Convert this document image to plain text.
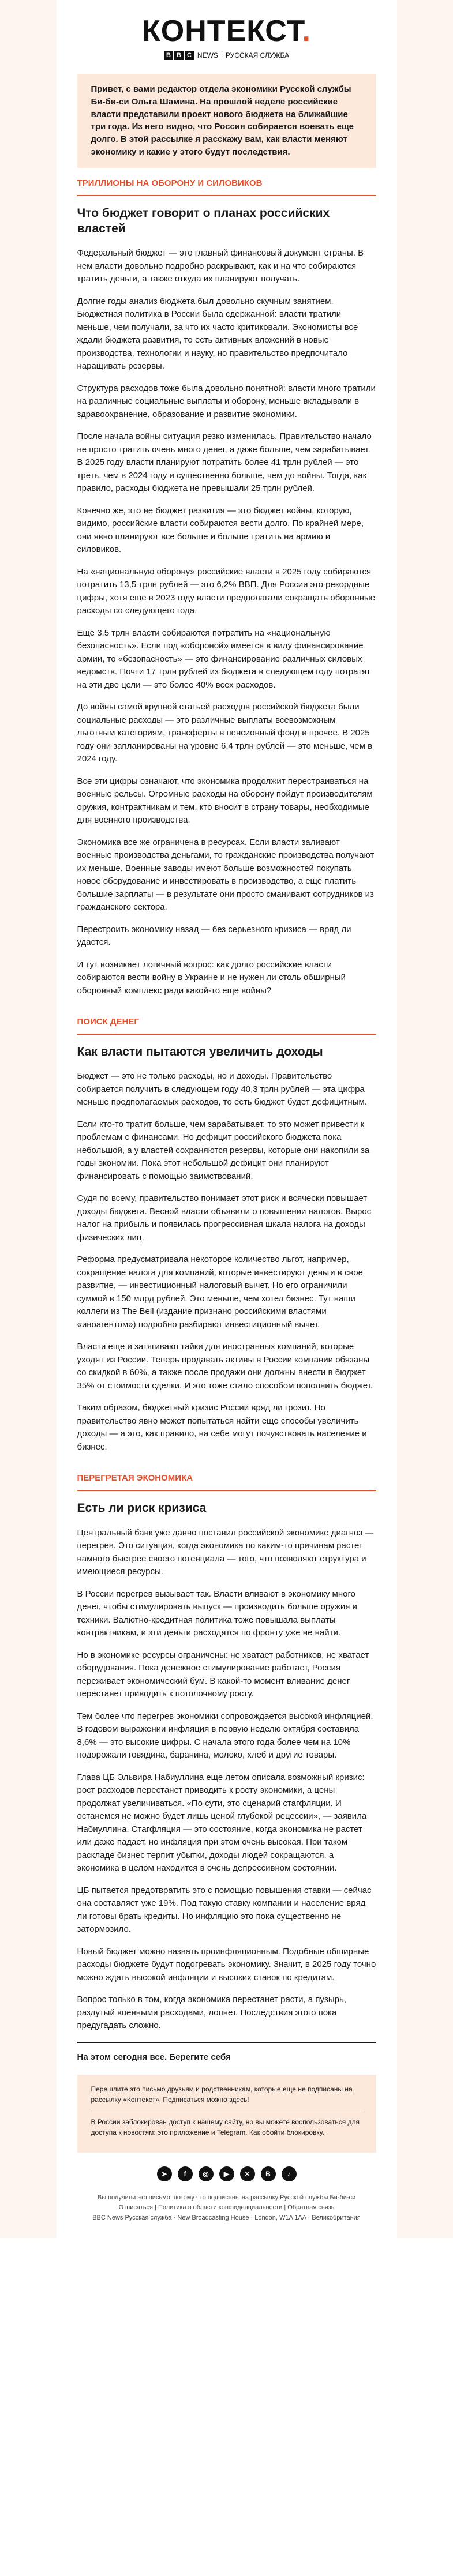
КОНТЕКСТ.
B B C NEWS РУССКАЯ СЛУЖБА
Привет, с вами редактор отдела экономики Русской службы Би-би-си Ольга Шамина. На прошлой неделе российские власти представили проект нового бюджета на ближайшие три года. Из него видно, что Россия собирается воевать еще долго. В этой рассылке я расскажу вам, как власти меняют экономику и какие у этого будут последствия.
ТРИЛЛИОНЫ НА ОБОРОНУ И СИЛОВИКОВ
Что бюджет говорит о планах российских властей

Федеральный бюджет — это главный финансовый документ страны. В нем власти довольно подробно раскрывают, как и на что собираются тратить деньги, а также откуда их планируют получать.

Долгие годы анализ бюджета был довольно скучным занятием. Бюджетная политика в России была сдержанной: власти тратили меньше, чем получали, за что их часто критиковали. Экономисты все ждали бюджета развития, то есть активных вложений в новые производства, технологии и науку, но правительство предпочитало наращивать резервы.

Структура расходов тоже была довольно понятной: власти много тратили на различные социальные выплаты и оборону, меньше вкладывали в здравоохранение, образование и развитие экономики.

После начала войны ситуация резко изменилась. Правительство начало не просто тратить очень много денег, а даже больше, чем зарабатывает. В 2025 году власти планируют потратить более 41 трлн рублей — это треть, чем в 2024 году и существенно больше, чем до войны. Тогда, как правило, расходы бюджета не превышали 25 трлн рублей.

Конечно же, это не бюджет развития — это бюджет войны, которую, видимо, российские власти собираются вести долго. По крайней мере, они явно планируют все больше и больше тратить на армию и силовиков.

На «национальную оборону» российские власти в 2025 году собираются потратить 13,5 трлн рублей — это 6,2% ВВП. Для России это рекордные цифры, хотя еще в 2023 году власти предполагали сокращать оборонные расходы со следующего года.

Еще 3,5 трлн власти собираются потратить на «национальную безопасность». Если под «обороной» имеется в виду финансирование армии, то «безопасность» — это финансирование различных силовых ведомств. Почти 17 трлн рублей из бюджета в следующем году потратят на эти две цели — это более 40% всех расходов.

До войны самой крупной статьей расходов российской бюджета были социальные расходы — это различные выплаты всевозможным льготным категориям, трансферты в пенсионный фонд и прочее. В 2025 году они запланированы на уровне 6,4 трлн рублей — это меньше, чем в 2024 году.

Все эти цифры означают, что экономика продолжит перестраиваться на военные рельсы. Огромные расходы на оборону пойдут производителям оружия, контрактникам и тем, кто вносит в страну товары, необходимые для военного производства.

Экономика все же ограничена в ресурсах. Если власти заливают военные производства деньгами, то гражданские производства получают их меньше. Военные заводы имеют больше возможностей покупать новое оборудование и инвестировать в производство, а еще платить большие зарплаты — в результате они просто сманивают сотрудников из гражданского сектора.

Перестроить экономику назад — без серьезного кризиса — вряд ли удастся.

И тут возникает логичный вопрос: как долго российские власти собираются вести войну в Украине и не нужен ли столь обширный оборонный комплекс ради какой-то еще войны?

ПОИСК ДЕНЕГ
Как власти пытаются увеличить доходы

Бюджет — это не только расходы, но и доходы. Правительство собирается получить в следующем году 40,3 трлн рублей — эта цифра меньше предполагаемых расходов, то есть бюджет будет дефицитным.

Если кто-то тратит больше, чем зарабатывает, то это может привести к проблемам с финансами. Но дефицит российского бюджета пока небольшой, а у властей сохраняются резервы, которые они накопили за годы экономии. Пока этот небольшой дефицит они планируют финансировать с помощью заимствований.

Судя по всему, правительство понимает этот риск и всячески повышает доходы бюджета. Весной власти объявили о повышении налогов. Вырос налог на прибыль и появилась прогрессивная шкала налога на доходы физических лиц.

Реформа предусматривала некоторое количество льгот, например, сокращение налога для компаний, которые инвестируют деньги в свое развитие, — инвестиционный налоговый вычет. Но его ограничили суммой в 150 млрд рублей. Это меньше, чем хотел бизнес. Тут наши коллеги из The Bell (издание признано российскими властями «иноагентом») подробно разбирают инвестиционный вычет.

Власти еще и затягивают гайки для иностранных компаний, которые уходят из России. Теперь продавать активы в России компании обязаны со скидкой в 60%, а также после продажи они должны внести в бюджет 35% от стоимости сделки. И это тоже стало способом пополнить бюджет.

Таким образом, бюджетный кризис России вряд ли грозит. Но правительство явно может попытаться найти еще способы увеличить доходы — а это, как правило, на себе могут почувствовать население и бизнес.

ПЕРЕГРЕТАЯ ЭКОНОМИКА
Есть ли риск кризиса

Центральный банк уже давно поставил российской экономике диагноз — перегрев. Это ситуация, когда экономика по каким-то причинам растет намного быстрее своего потенциала — того, что позволяют структура и имеющиеся ресурсы.

В России перегрев вызывает так. Власти вливают в экономику много денег, чтобы стимулировать выпуск — производить больше оружия и техники. Валютно-кредитная политика тоже повышала выплаты контрактникам, и эти деньги расходятся по фронту уже не найти.

Но в экономике ресурсы ограничены: не хватает работников, не хватает оборудования. Пока денежное стимулирование работает, Россия переживает экономический бум. В какой-то момент вливание денег перестанет приводить к потолочному росту.

Тем более что перегрев экономики сопровождается высокой инфляцией. В годовом выражении инфляция в первую неделю октября составила 8,6% — это высокие цифры. С начала этого года более чем на 10% подорожали говядина, баранина, молоко, хлеб и другие товары.

Глава ЦБ Эльвира Набиуллина еще летом описала возможный кризис: рост расходов перестанет приводить к росту экономики, а цены продолжат увеличиваться. «По сути, это сценарий стагфляции. И останемся не можно будет лишь ценой глубокой рецессии», — заявила Набиуллина. Стагфляция — это состояние, когда экономика не растет или даже падает, но инфляция при этом очень высокая. При таком раскладе бизнес терпит убытки, доходы людей сокращаются, а экономика в целом находится в очень депрессивном состоянии.

ЦБ пытается предотвратить это с помощью повышения ставки — сейчас она составляет уже 19%. Под такую ставку компании и население вряд ли готовы брать кредиты. Но инфляцию это пока существенно не затормозило.

Новый бюджет можно назвать проинфляционным. Подобные обширные расходы бюджете будут подогревать экономику. Значит, в 2025 году точно можно ждать высокой инфляции и высоких ставок по кредитам.

Вопрос только в том, когда экономика перестанет расти, а пузырь, раздутый военными расходами, лопнет. Последствия этого пока предугадать сложно.

На этом сегодня все. Берегите себя

Перешлите это письмо друзьям и родственникам, которые еще не подписаны на рассылку «Контекст». Подписаться можно здесь!

В России заблокирован доступ к нашему сайту, но вы можете воспользоваться для доступа к новостям: это приложение и Telegram. Как обойти блокировку.

➤	f	◎	▶	✕	В	♪
Вы получили это письмо, потому что подписаны на рассылку Русской службы Би-би-си
Отписаться | Политика в области конфиденциальности | Обратная связь
BBC News Русская служба · New Broadcasting House · London, W1A 1AA · Великобритания
